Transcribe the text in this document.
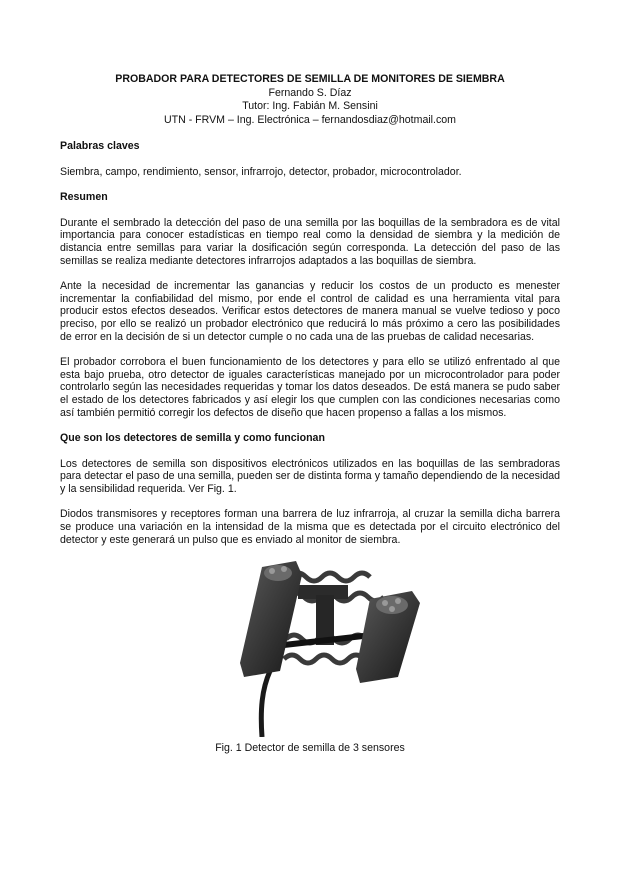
PROBADOR PARA DETECTORES DE SEMILLA DE MONITORES DE SIEMBRA
Fernando S. Díaz
Tutor: Ing. Fabián M. Sensini
UTN - FRVM – Ing. Electrónica – fernandosdiaz@hotmail.com
Palabras claves

Siembra, campo, rendimiento, sensor, infrarrojo, detector, probador, microcontrolador.

Resumen

Durante el sembrado la detección del paso de una semilla por las boquillas de la sembradora es de vital importancia para conocer estadísticas en tiempo real como la densidad de siembra y la medición de distancia entre semillas para variar la dosificación según corresponda. La detección del paso de las semillas se realiza mediante detectores infrarrojos adaptados a las boquillas de siembra.

Ante la necesidad de incrementar las ganancias y reducir los costos de un producto es menester incrementar la confiabilidad del mismo, por ende el control de calidad es una herramienta vital para producir estos efectos deseados. Verificar estos detectores de manera manual se vuelve tedioso y poco preciso, por ello se realizó un probador electrónico que reducirá lo más próximo a cero las posibilidades de error en la decisión de si un detector cumple o no cada una de las pruebas de calidad necesarias.

El probador corrobora el buen funcionamiento de los detectores y para ello se utilizó enfrentado al que esta bajo prueba, otro detector de iguales características manejado por un microcontrolador para poder controlarlo según las necesidades requeridas y tomar los datos deseados. De está manera se pudo saber el estado de los detectores fabricados y así elegir los que cumplen con las condiciones necesarias como así también permitió corregir los defectos de diseño que hacen propenso a fallas a los mismos.

Que son los detectores de semilla y como funcionan

Los detectores de semilla son dispositivos electrónicos utilizados en las boquillas de las sembradoras para detectar el paso de una semilla, pueden ser de distinta forma y tamaño dependiendo de la necesidad y la sensibilidad requerida. Ver Fig. 1.

Diodos transmisores y receptores forman una barrera de luz infrarroja, al cruzar la semilla dicha barrera se produce una variación en la intensidad de la misma que es detectada por el circuito electrónico del detector y este generará un pulso que es enviado al monitor de siembra.

Fig. 1 Detector de semilla de 3 sensores
